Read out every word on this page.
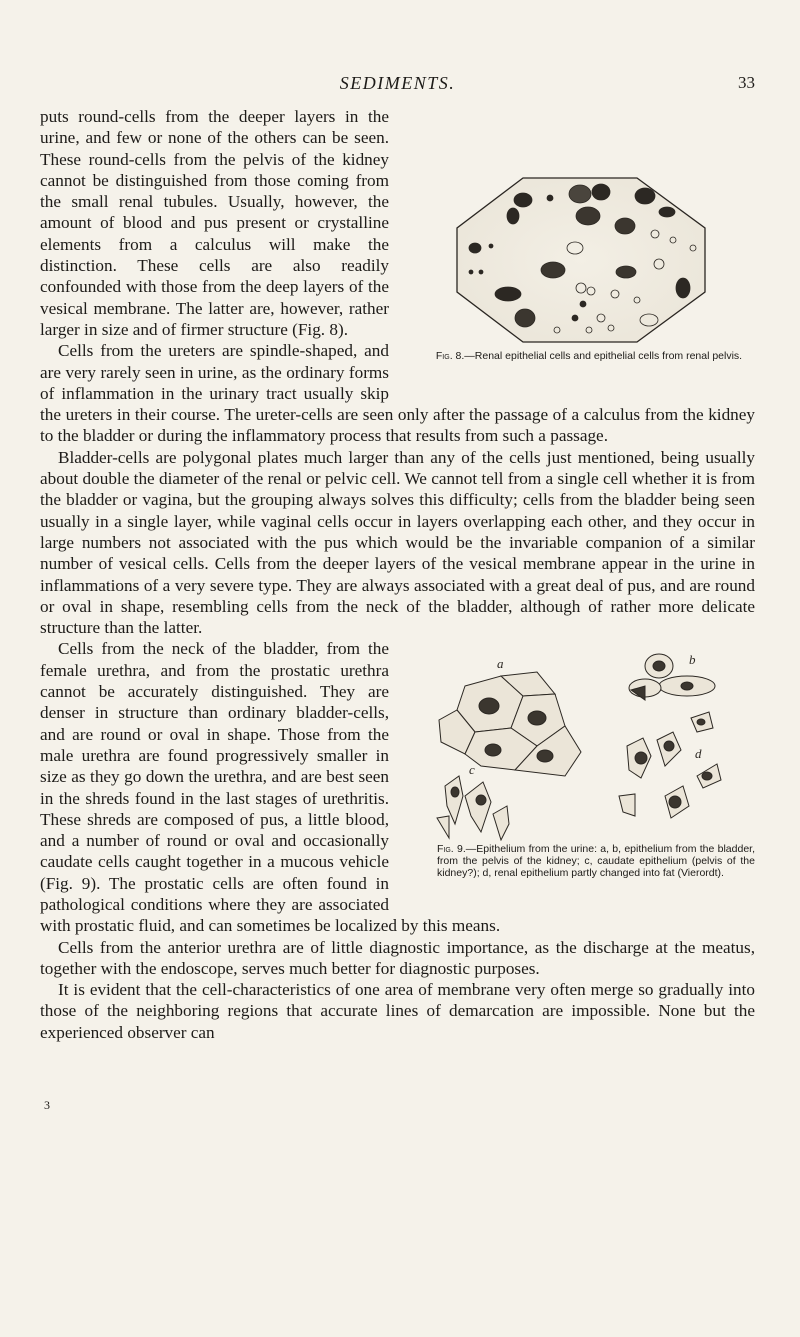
SEDIMENTS.	33
Fig. 8.—Renal epithelial cells and epithelial cells from renal pelvis.

puts round-cells from the deeper layers in the urine, and few or none of the others can be seen. These round-cells from the pelvis of the kidney cannot be distinguished from those coming from the small renal tubules. Usually, however, the amount of blood and pus present or crystalline elements from a calculus will make the distinction. These cells are also readily confounded with those from the deep layers of the vesical membrane. The latter are, however, rather larger in size and of firmer structure (Fig. 8).

Cells from the ureters are spindle-shaped, and are very rarely seen in urine, as the ordinary forms of inflammation in the urinary tract usually skip the ureters in their course. The ureter-cells are seen only after the passage of a calculus from the kidney to the bladder or during the inflammatory process that results from such a passage.

Bladder-cells are polygonal plates much larger than any of the cells just mentioned, being usually about double the diameter of the renal or pelvic cell. We cannot tell from a single cell whether it is from the bladder or vagina, but the grouping always solves this difficulty; cells from the bladder being seen usually in a single layer, while vaginal cells occur in layers overlapping each other, and they occur in large numbers not associated with the pus which would be the invariable companion of a similar number of vesical cells. Cells from the deeper layers of the vesical membrane appear in the urine in inflammations of a very severe type. They are always associated with a great deal of pus, and are round or oval in shape, resembling cells from the neck of the bladder, although of rather more delicate structure than the latter.

a	b
c
d
Fig. 9.—Epithelium from the urine: a, b, epithelium from the bladder, from the pelvis of the kidney; c, caudate epithelium (pelvis of the kidney?); d, renal epithelium partly changed into fat (Vierordt).

Cells from the neck of the bladder, from the female urethra, and from the prostatic urethra cannot be accurately distinguished. They are denser in structure than ordinary bladder-cells, and are round or oval in shape. Those from the male urethra are found progressively smaller in size as they go down the urethra, and are best seen in the shreds found in the last stages of urethritis. These shreds are composed of pus, a little blood, and a number of round or oval and occasionally caudate cells caught together in a mucous vehicle (Fig. 9). The prostatic cells are often found in pathological conditions where they are associated with prostatic fluid, and can sometimes be localized by this means.

Cells from the anterior urethra are of little diagnostic importance, as the discharge at the meatus, together with the endoscope, serves much better for diagnostic purposes.

It is evident that the cell-characteristics of one area of membrane very often merge so gradually into those of the neighboring regions that accurate lines of demarcation are impossible. None but the experienced observer can

3
